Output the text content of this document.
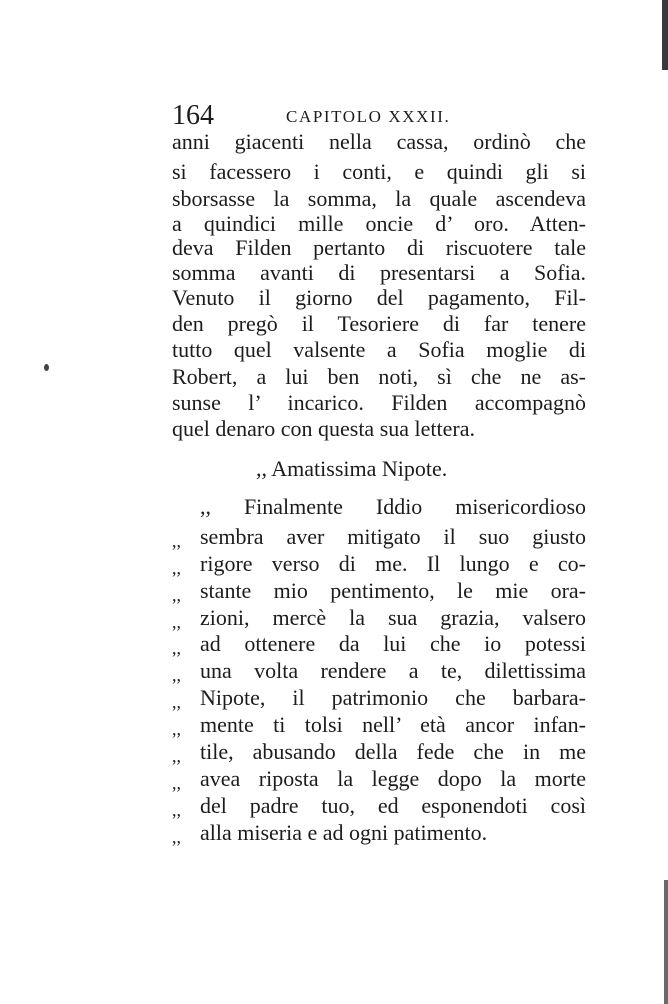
164	CAPITOLO XXXII.
anni giacenti nella cassa, ordinò che
si facessero i conti, e quindi gli si
sborsasse la somma, la quale ascendeva
a quindici mille oncie d’ oro. Atten-
deva Filden pertanto di riscuotere tale
somma avanti di presentarsi a Sofia.
Venuto il giorno del pagamento, Fil-
den pregò il Tesoriere di far tenere
tutto quel valsente a Sofia moglie di
Robert, a lui ben noti, sì che ne as-
sunse l’ incarico. Filden accompagnò
quel denaro con questa sua lettera.
,, Amatissima Nipote.
,, Finalmente Iddio misericordioso
,, sembra aver mitigato il suo giusto
,, rigore verso di me. Il lungo e co-
,, stante mio pentimento, le mie ora-
,, zioni, mercè la sua grazia, valsero
,, ad ottenere da lui che io potessi
,, una volta rendere a te, dilettissima
,, Nipote, il patrimonio che barbara-
,, mente ti tolsi nell’ età ancor infan-
,, tile, abusando della fede che in me
,, avea riposta la legge dopo la morte
,, del padre tuo, ed esponendoti così
,, alla miseria e ad ogni patimento.
